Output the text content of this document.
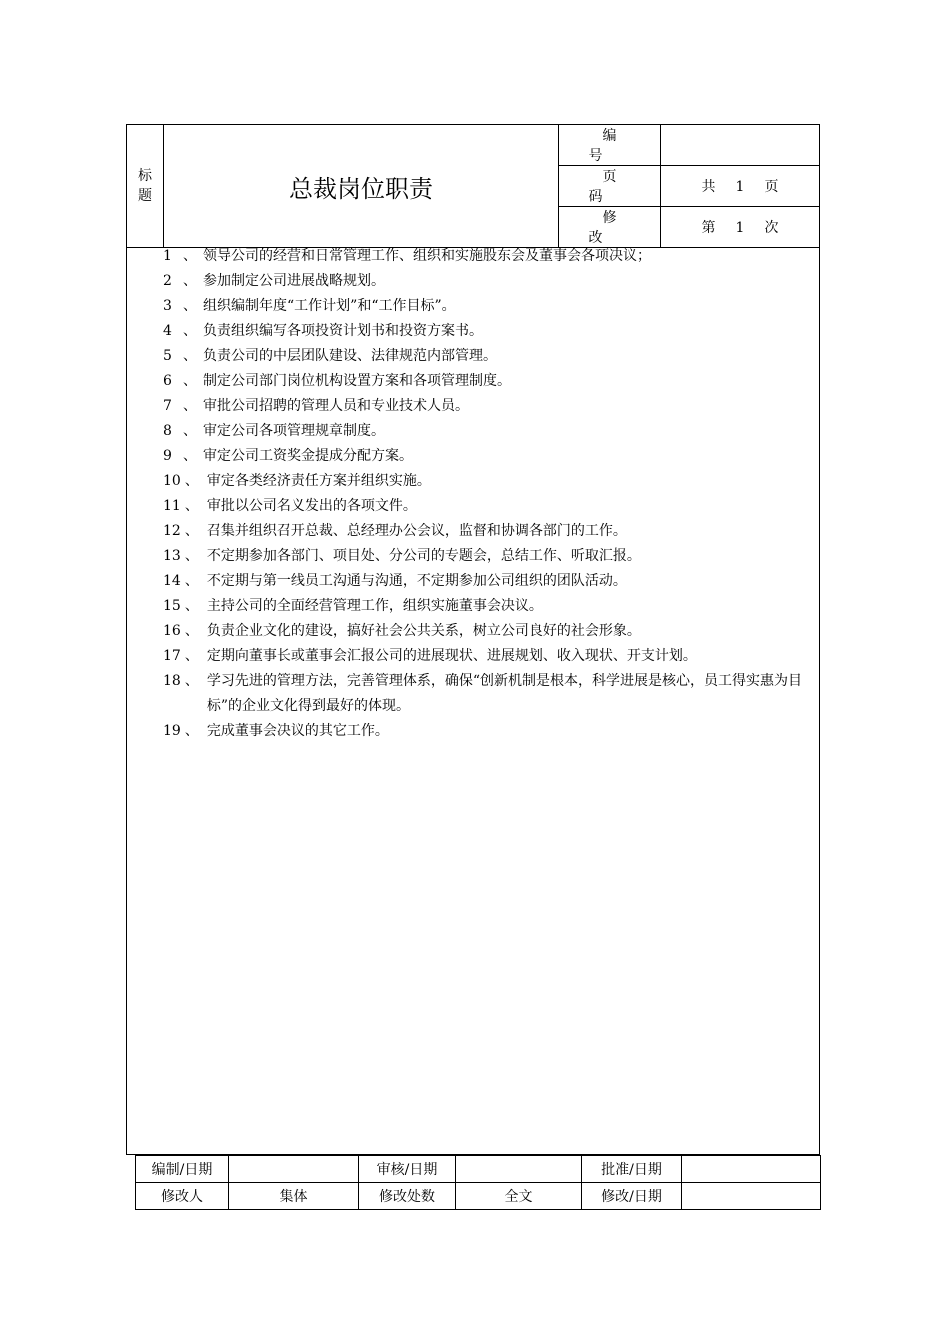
标
题	总裁岗位职责	编号	
		页码	共 1 页
		修改	第 1 次
1 、 领导公司的经营和日常管理工作、组织和实施股东会及董事会各项决议；
2 、 参加制定公司进展战略规划。
3 、 组织编制年度“工作计划”和“工作目标”。
4 、 负责组织编写各项投资计划书和投资方案书。
5 、 负责公司的中层团队建设、法律规范内部管理。
6 、 制定公司部门岗位机构设置方案和各项管理制度。
7 、 审批公司招聘的管理人员和专业技术人员。
8 、 审定公司各项管理规章制度。
9 、 审定公司工资奖金提成分配方案。
10 、 审定各类经济责任方案并组织实施。
11 、 审批以公司名义发出的各项文件。
12 、 召集并组织召开总裁、总经理办公会议，监督和协调各部门的工作。
13 、 不定期参加各部门、项目处、分公司的专题会，总结工作、听取汇报。
14 、 不定期与第一线员工沟通与沟通，不定期参加公司组织的团队活动。
15 、 主持公司的全面经营管理工作，组织实施董事会决议。
16 、 负责企业文化的建设，搞好社会公共关系，树立公司良好的社会形象。
17 、 定期向董事长或董事会汇报公司的进展现状、进展规划、收入现状、开支计划。
18 、 学习先进的管理方法，完善管理体系，确保“创新机制是根本，科学进展是核心，员工得实惠为目标”的企业文化得到最好的体现。
19 、 完成董事会决议的其它工作。
编制/日期		审核/日期		批准/日期	
修改人	集体	修改处数	全文	修改/日期	
